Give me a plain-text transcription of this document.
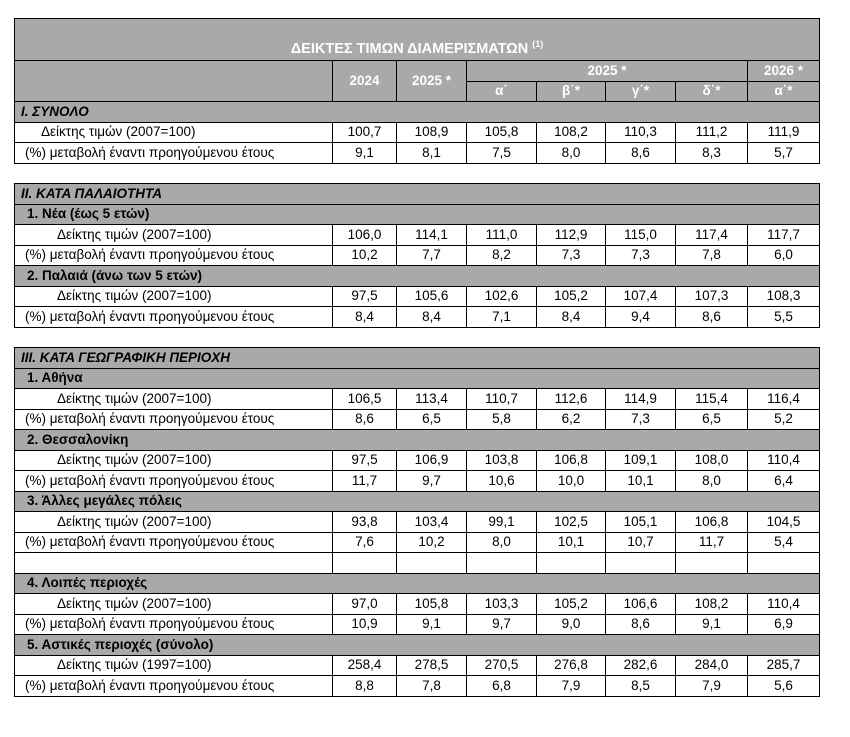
ΔΕΙΚΤΕΣ ΤΙΜΩΝ ΔΙΑΜΕΡΙΣΜΑΤΩΝ $^{(1)}$
	2024	2025 *	2025 *				2026 *
			α΄	β΄*	γ΄*	δ΄*	α΄*
Ι. ΣΥΝΟΛΟ							
Δείκτης τιμών (2007=100)	100,7	108,9	105,8	108,2	110,3	111,2	111,9
(%) μεταβολή έναντι προηγούμενου έτους	9,1	8,1	7,5	8,0	8,6	8,3	5,7

ΙΙ. ΚΑΤΑ ΠΑΛΑΙΟΤΗΤΑ							
1. Νέα (έως 5 ετών)							
Δείκτης τιμών (2007=100)	106,0	114,1	111,0	112,9	115,0	117,4	117,7
(%) μεταβολή έναντι προηγούμενου έτους	10,2	7,7	8,2	7,3	7,3	7,8	6,0
2. Παλαιά (άνω των 5 ετών)							
Δείκτης τιμών (2007=100)	97,5	105,6	102,6	105,2	107,4	107,3	108,3
(%) μεταβολή έναντι προηγούμενου έτους	8,4	8,4	7,1	8,4	9,4	8,6	5,5

ΙΙΙ. ΚΑΤΑ ΓΕΩΓΡΑΦΙΚΗ ΠΕΡΙΟΧΗ							
1. Αθήνα							
Δείκτης τιμών (2007=100)	106,5	113,4	110,7	112,6	114,9	115,4	116,4
(%) μεταβολή έναντι προηγούμενου έτους	8,6	6,5	5,8	6,2	7,3	6,5	5,2
2. Θεσσαλονίκη							
Δείκτης τιμών (2007=100)	97,5	106,9	103,8	106,8	109,1	108,0	110,4
(%) μεταβολή έναντι προηγούμενου έτους	11,7	9,7	10,6	10,0	10,1	8,0	6,4
3. Άλλες μεγάλες πόλεις							
Δείκτης τιμών (2007=100)	93,8	103,4	99,1	102,5	105,1	106,8	104,5
(%) μεταβολή έναντι προηγούμενου έτους	7,6	10,2	8,0	10,1	10,7	11,7	5,4

4. Λοιπές περιοχές							
Δείκτης τιμών (2007=100)	97,0	105,8	103,3	105,2	106,6	108,2	110,4
(%) μεταβολή έναντι προηγούμενου έτους	10,9	9,1	9,7	9,0	8,6	9,1	6,9
5. Αστικές περιοχές (σύνολο)							
Δείκτης τιμών (1997=100)	258,4	278,5	270,5	276,8	282,6	284,0	285,7
(%) μεταβολή έναντι προηγούμενου έτους	8,8	7,8	6,8	7,9	8,5	7,9	5,6
